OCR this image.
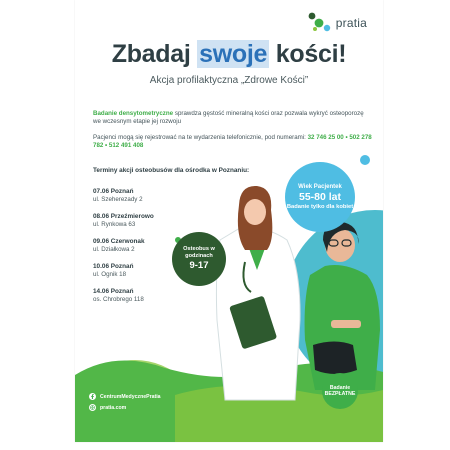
pratia
Zbadaj swoje kości!
Akcja profilaktyczna „Zdrowe Kości”
Badanie densytometryczne sprawdza gęstość mineralną kości oraz pozwala wykryć osteoporozę we wczesnym etapie jej rozwoju
Pacjenci mogą się rejestrować na te wydarzenia telefonicznie, pod numerami: 32 746 25 00 • 502 278 782 • 512 491 408
Terminy akcji osteobusów dla ośrodka w Poznaniu:
07.06 Poznań
ul. Szeherezady 2
08.06 Przeźmierowo
ul. Rynkowa 63
09.06 Czerwonak
ul. Działkowa 2
10.06 Poznań
ul. Ognik 18
14.06 Poznań
os. Chrobrego 118
Wiek Pacjentek
55-80 lat
Badanie tylko dla kobiet
Osteobus w godzinach
9-17
Badanie
BEZPŁATNE
CentrumMedycznePratia
pratia.com
